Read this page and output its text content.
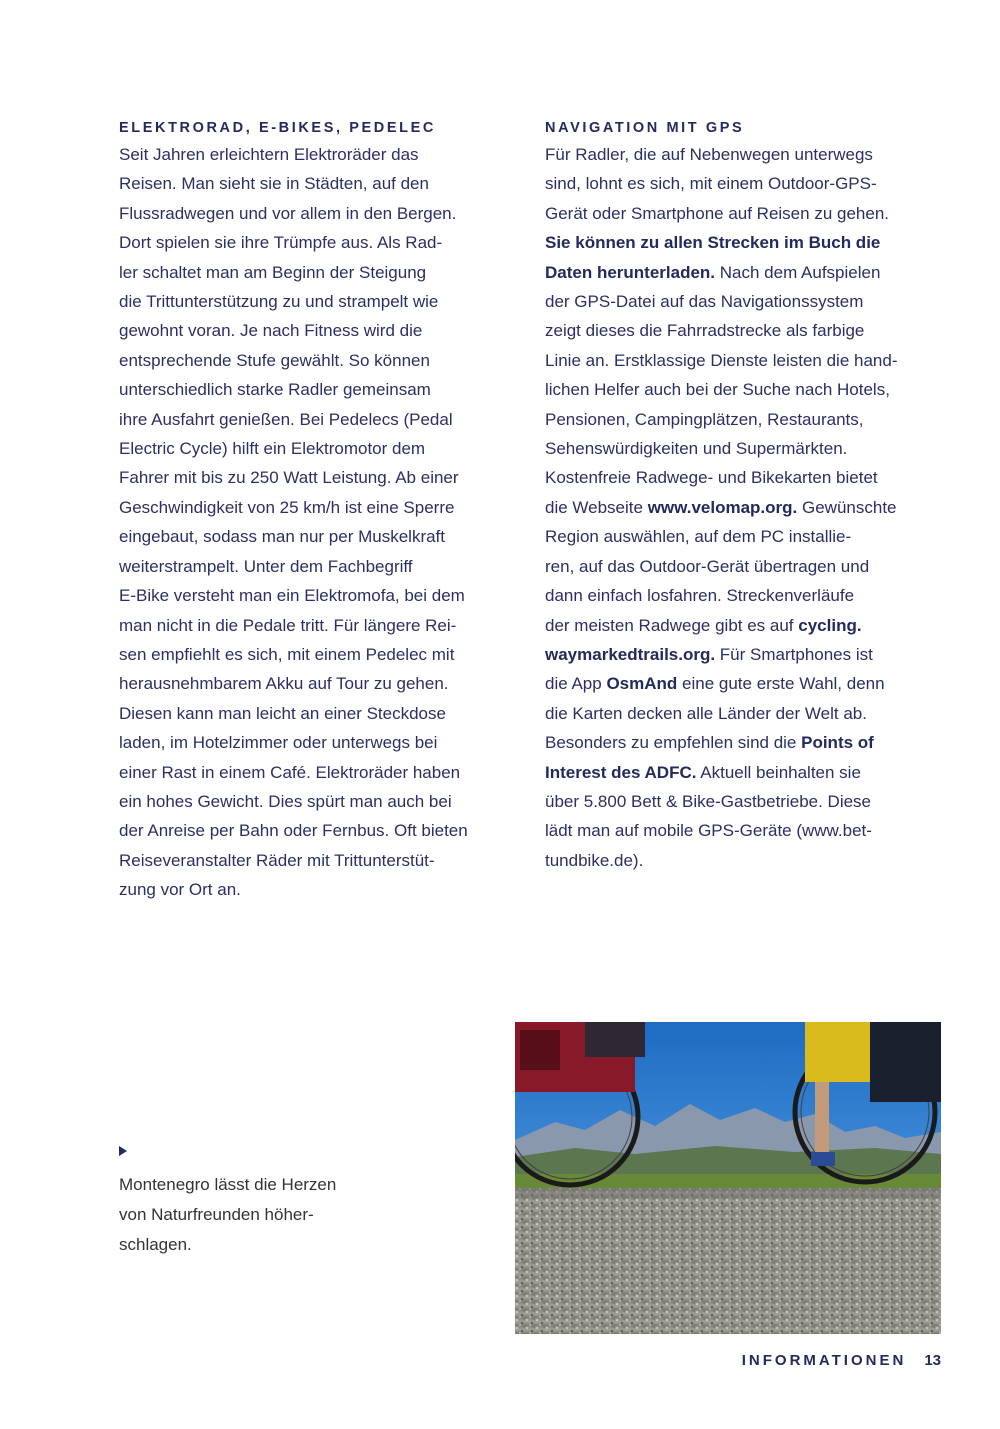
ELEKTRORAD, E-BIKES, PEDELEC
Seit Jahren erleichtern Elektroräder das
Reisen. Man sieht sie in Städten, auf den
Flussradwegen und vor allem in den Bergen.
Dort spielen sie ihre Trümpfe aus. Als Rad-
ler schaltet man am Beginn der Steigung
die Trittunterstützung zu und strampelt wie
gewohnt voran. Je nach Fitness wird die
entsprechende Stufe gewählt. So können
unterschiedlich starke Radler gemeinsam
ihre Ausfahrt genießen. Bei Pedelecs (Pedal
Electric Cycle) hilft ein Elektromotor dem
Fahrer mit bis zu 250 Watt Leistung. Ab einer
Geschwindigkeit von 25 km/h ist eine Sperre
eingebaut, sodass man nur per Muskelkraft
weiterstrampelt. Unter dem Fachbegriff
E-Bike versteht man ein Elektromofa, bei dem
man nicht in die Pedale tritt. Für längere Rei-
sen empfiehlt es sich, mit einem Pedelec mit
herausnehmbarem Akku auf Tour zu gehen.
Diesen kann man leicht an einer Steckdose
laden, im Hotelzimmer oder unterwegs bei
einer Rast in einem Café. Elektroräder haben
ein hohes Gewicht. Dies spürt man auch bei
der Anreise per Bahn oder Fernbus. Oft bieten
Reiseveranstalter Räder mit Trittunterstüt-
zung vor Ort an.
NAVIGATION MIT GPS
Für Radler, die auf Nebenwegen unterwegs
sind, lohnt es sich, mit einem Outdoor-GPS-
Gerät oder Smartphone auf Reisen zu gehen.
Sie können zu allen Strecken im Buch die
Daten herunterladen. Nach dem Aufspielen
der GPS-Datei auf das Navigationssystem
zeigt dieses die Fahrradstrecke als farbige
Linie an. Erstklassige Dienste leisten die hand-
lichen Helfer auch bei der Suche nach Hotels,
Pensionen, Campingplätzen, Restaurants,
Sehenswürdigkeiten und Supermärkten.
Kostenfreie Radwege- und Bikekarten bietet
die Webseite www.velomap.org. Gewünschte
Region auswählen, auf dem PC installie-
ren, auf das Outdoor-Gerät übertragen und
dann einfach losfahren. Streckenverläufe
der meisten Radwege gibt es auf cycling.
waymarkedtrails.org. Für Smartphones ist
die App OsmAnd eine gute erste Wahl, denn
die Karten decken alle Länder der Welt ab.
Besonders zu empfehlen sind die Points of
Interest des ADFC. Aktuell beinhalten sie
über 5.800 Bett & Bike-Gastbetriebe. Diese
lädt man auf mobile GPS-Geräte (www.bet-
tundbike.de).
Montenegro lässt die Herzen
von Naturfreunden höher-
schlagen.
INFORMATIONEN 13
